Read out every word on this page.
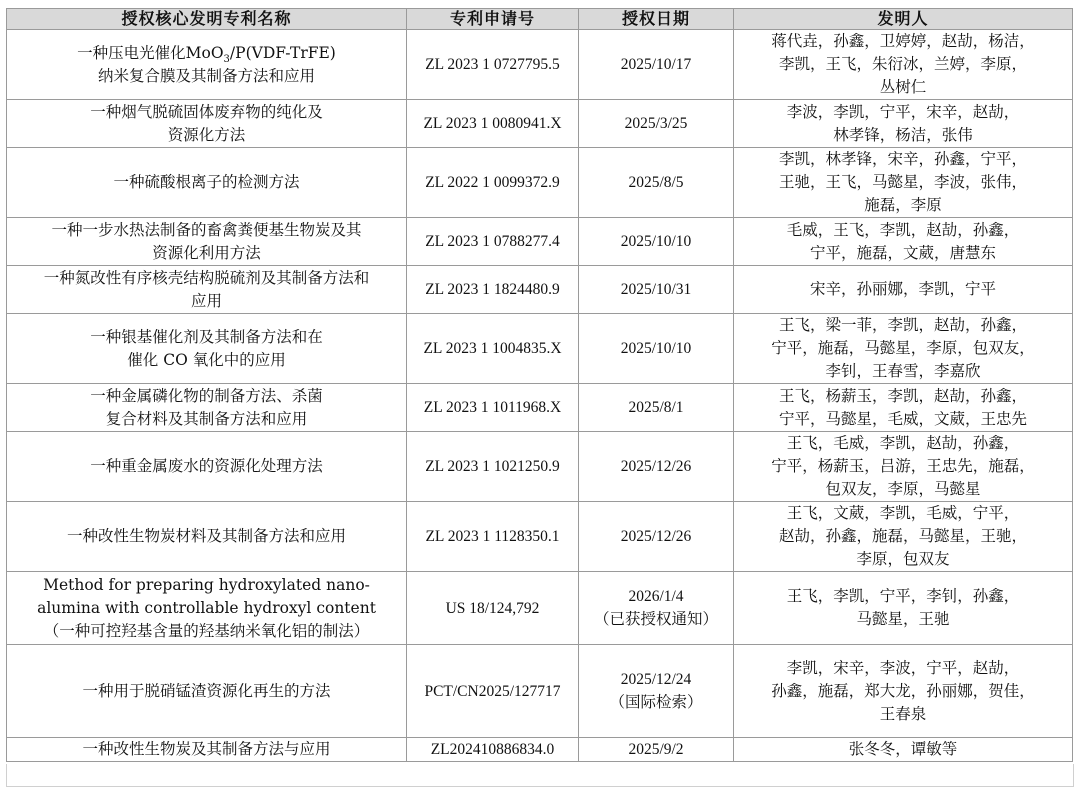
授权核心发明专利名称	专利申请号	授权日期	发明人

一种压电光催化MoO$_3$/P(VDF-TrFE)
纳米复合膜及其制备方法和应用	ZL 2023 1 0727795.5	2025/10/17	蒋代垚，孙鑫，卫婷婷，赵劼，杨洁，
李凯，王飞，朱衍冰，兰婷，李原，
丛树仁

一种烟气脱硫固体废弃物的纯化及
资源化方法	ZL 2023 1 0080941.X	2025/3/25	李波，李凯，宁平，宋辛，赵劼，
林孝锋，杨洁，张伟

一种硫酸根离子的检测方法	ZL 2022 1 0099372.9	2025/8/5	李凯，林孝锋，宋辛，孙鑫，宁平，
王驰，王飞，马懿星，李波，张伟，
施磊，李原

一种一步水热法制备的畜禽粪便基生物炭及其
资源化利用方法	ZL 2023 1 0788277.4	2025/10/10	毛威，王飞，李凯，赵劼，孙鑫，
宁平，施磊，文葳，唐慧东

一种氮改性有序核壳结构脱硫剂及其制备方法和
应用	ZL 2023 1 1824480.9	2025/10/31	宋辛，孙丽娜，李凯，宁平

一种银基催化剂及其制备方法和在
催化 CO 氧化中的应用	ZL 2023 1 1004835.X	2025/10/10	王飞，梁一菲，李凯，赵劼，孙鑫，
宁平，施磊，马懿星，李原，包双友，
李钊，王春雪，李嘉欣

一种金属磷化物的制备方法、杀菌
复合材料及其制备方法和应用	ZL 2023 1 1011968.X	2025/8/1	王飞，杨薪玉，李凯，赵劼，孙鑫，
宁平，马懿星，毛威，文葳，王忠先

一种重金属废水的资源化处理方法	ZL 2023 1 1021250.9	2025/12/26	王飞，毛威，李凯，赵劼，孙鑫，
宁平，杨薪玉，吕游，王忠先，施磊，
包双友，李原，马懿星

一种改性生物炭材料及其制备方法和应用	ZL 2023 1 1128350.1	2025/12/26	王飞，文葳，李凯，毛威，宁平，
赵劼，孙鑫，施磊，马懿星，王驰，
李原，包双友

Method for preparing hydroxylated nano-
alumina with controllable hydroxyl content
（一种可控羟基含量的羟基纳米氧化铝的制法）	US 18/124,792	2026/1/4
（已获授权通知）	王飞，李凯，宁平，李钊，孙鑫，
马懿星，王驰

一种用于脱硝锰渣资源化再生的方法	PCT/CN2025/127717	2025/12/24
（国际检索）	李凯，宋辛，李波，宁平，赵劼，
孙鑫，施磊，郑大龙，孙丽娜，贺佳，
王春泉

一种改性生物炭及其制备方法与应用	ZL202410886834.0	2025/9/2	张冬冬，谭敏等
